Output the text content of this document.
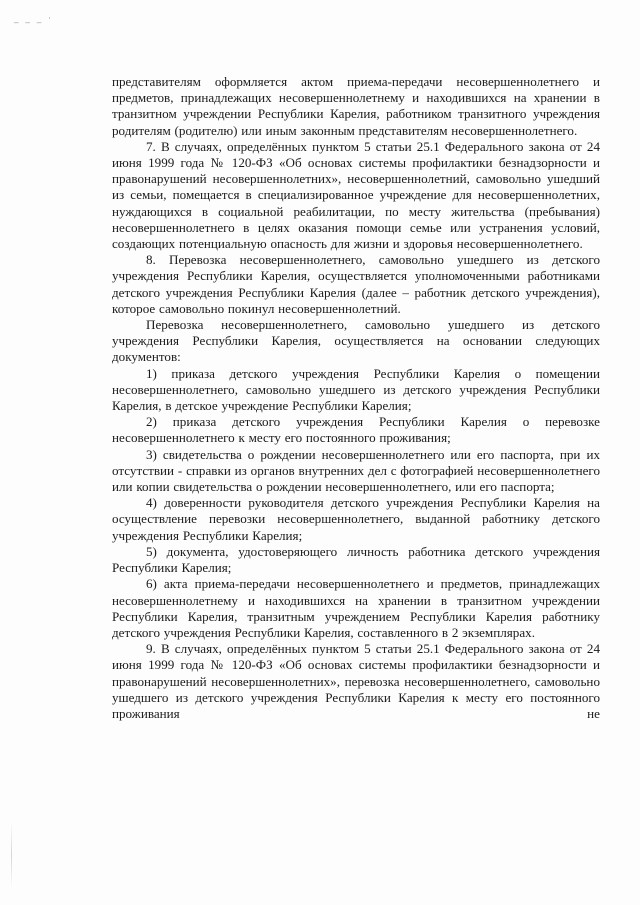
_ _ _ ·

представителям оформляется актом приема-передачи несовершеннолетнего и предметов, принадлежащих несовершеннолетнему и находившихся на хранении в транзитном учреждении Республики Карелия, работником транзитного учреждения родителям (родителю) или иным законным представителям несовершеннолетнего.

7. В случаях, определённых пунктом 5 статьи 25.1 Федерального закона от 24 июня 1999 года № 120-ФЗ «Об основах системы профилактики безнадзорности и правонарушений несовершеннолетних», несовершеннолетний, самовольно ушедший из семьи, помещается в специализированное учреждение для несовершеннолетних, нуждающихся в социальной реабилитации, по месту жительства (пребывания) несовершеннолетнего в целях оказания помощи семье или устранения условий, создающих потенциальную опасность для жизни и здоровья несовершеннолетнего.

8. Перевозка несовершеннолетнего, самовольно ушедшего из детского учреждения Республики Карелия, осуществляется уполномоченными работниками детского учреждения Республики Карелия (далее – работник детского учреждения), которое самовольно покинул несовершеннолетний.

Перевозка несовершеннолетнего, самовольно ушедшего из детского учреждения Республики Карелия, осуществляется на основании следующих документов:

1) приказа детского учреждения Республики Карелия о помещении несовершеннолетнего, самовольно ушедшего из детского учреждения Республики Карелия, в детское учреждение Республики Карелия;

2) приказа детского учреждения Республики Карелия о перевозке несовершеннолетнего к месту его постоянного проживания;

3) свидетельства о рождении несовершеннолетнего или его паспорта, при их отсутствии - справки из органов внутренних дел с фотографией несовершеннолетнего или копии свидетельства о рождении несовершеннолетнего, или его паспорта;

4) доверенности руководителя детского учреждения Республики Карелия на осуществление перевозки несовершеннолетнего, выданной работнику детского учреждения Республики Карелия;

5) документа, удостоверяющего личность работника детского учреждения Республики Карелия;

6) акта приема-передачи несовершеннолетнего и предметов, принадлежащих несовершеннолетнему и находившихся на хранении в транзитном учреждении Республики Карелия, транзитным учреждением Республики Карелия работнику детского учреждения Республики Карелия, составленного в 2 экземплярах.

9. В случаях, определённых пунктом 5 статьи 25.1 Федерального закона от 24 июня 1999 года № 120-ФЗ «Об основах системы профилактики безнадзорности и правонарушений несовершеннолетних», перевозка несовершеннолетнего, самовольно ушедшего из детского учреждения Республики Карелия к месту его постоянного проживания не
